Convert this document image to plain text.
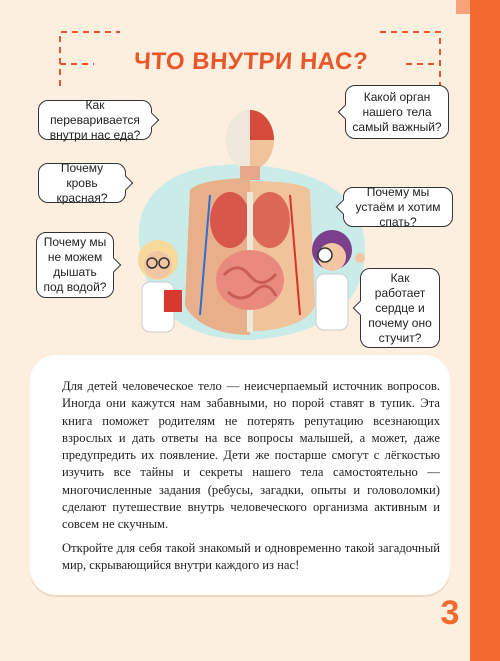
ЧТО ВНУТРИ НАС?
Как переваривается внутри нас еда?
Почему кровь красная?
Почему мы не можем дышать под водой?
Какой орган нашего тела самый важный?
Почему мы устаём и хотим спать?
Как работает сердце и почему оно стучит?
Для детей человеческое тело — неисчерпаемый источник вопросов. Иногда они кажутся нам забавными, но порой ставят в тупик. Эта книга поможет родителям не потерять репутацию всезнающих взрослых и дать ответы на все вопросы малышей, а может, даже предупредить их появление. Дети же постарше смогут с лёгкостью изучить все тайны и секреты нашего тела самостоятельно — многочисленные задания (ребусы, загадки, опыты и головоломки) сделают путешествие внутрь человеческого организма активным и совсем не скучным.
Откройте для себя такой знакомый и одновременно такой загадочный мир, скрывающийся внутри каждого из нас!
3
